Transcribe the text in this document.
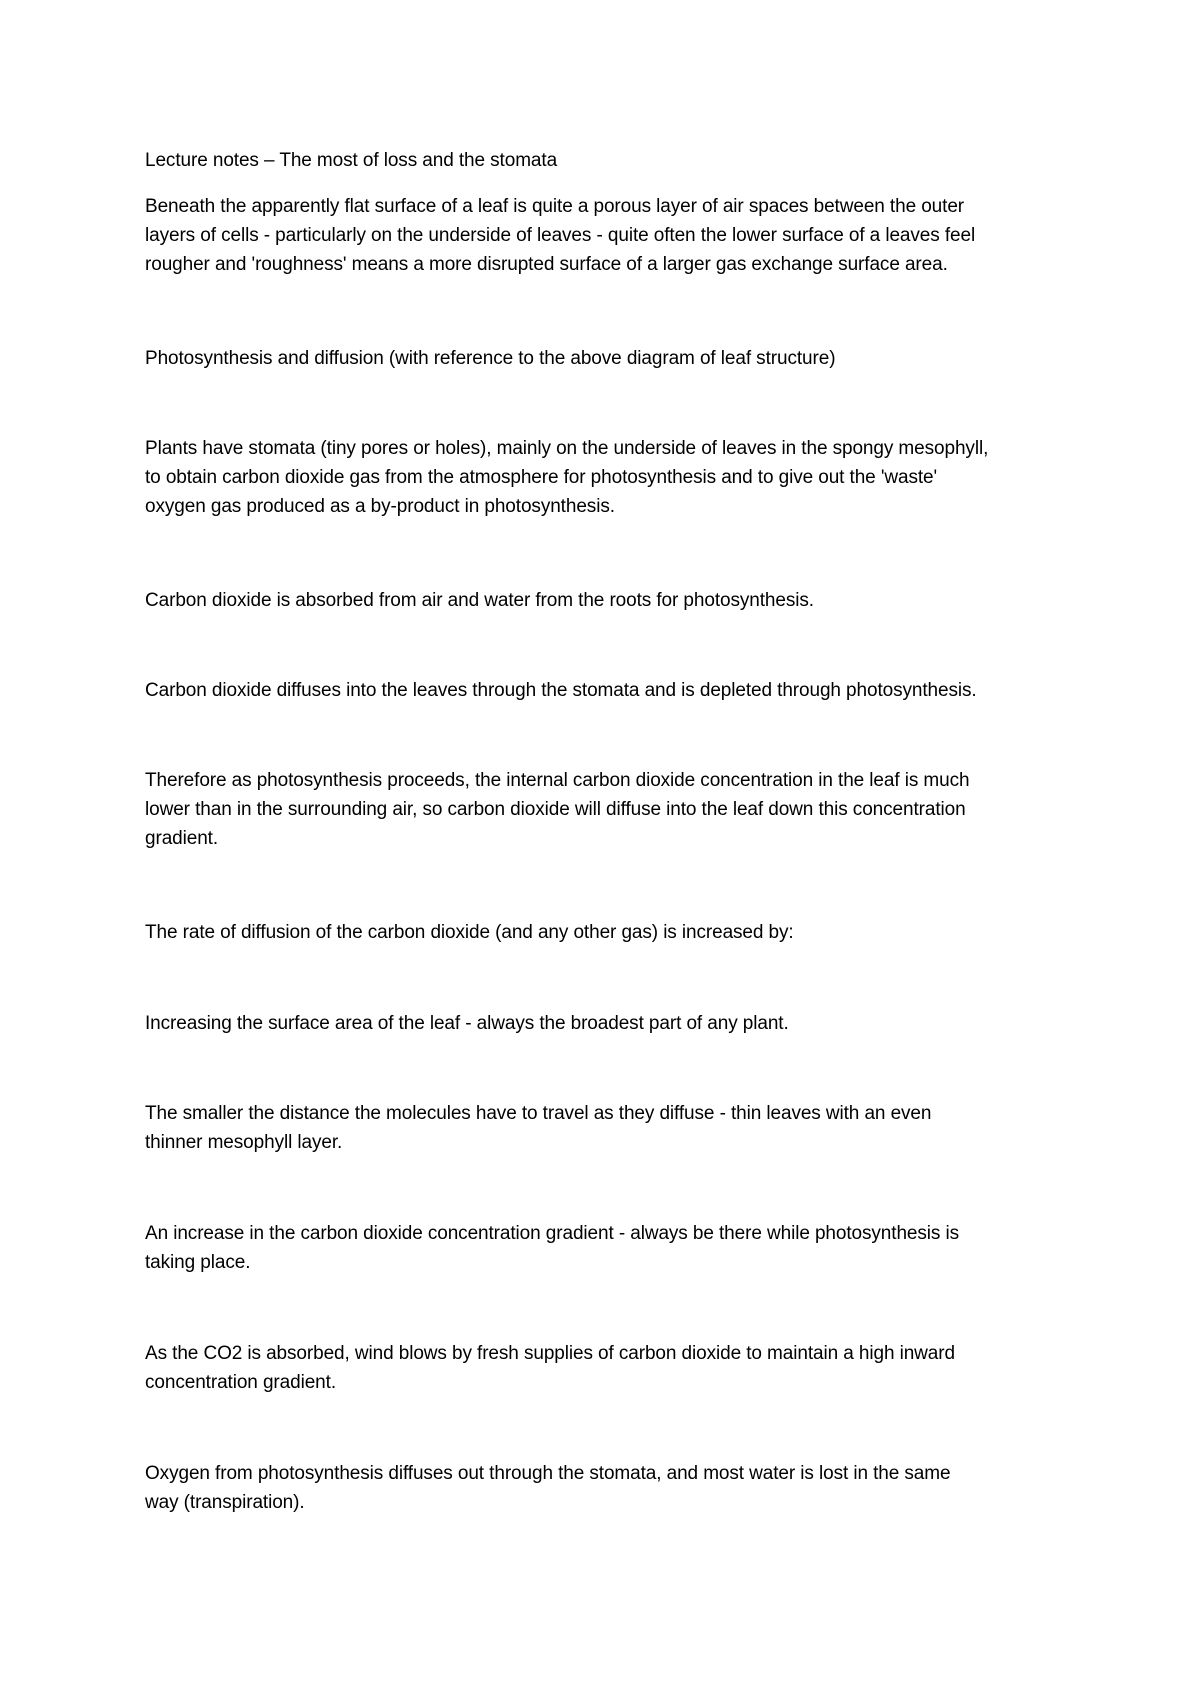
Lecture notes – The most of loss and the stomata
Beneath the apparently flat surface of a leaf is quite a porous layer of air spaces between the outer
layers of cells - particularly on the underside of leaves - quite often the lower surface of a leaves feel
rougher and 'roughness' means a more disrupted surface of a larger gas exchange surface area.
Photosynthesis and diffusion (with reference to the above diagram of leaf structure)
Plants have stomata (tiny pores or holes), mainly on the underside of leaves in the spongy mesophyll,
to obtain carbon dioxide gas from the atmosphere for photosynthesis and to give out the 'waste'
oxygen gas produced as a by-product in photosynthesis.
Carbon dioxide is absorbed from air and water from the roots for photosynthesis.
Carbon dioxide diffuses into the leaves through the stomata and is depleted through photosynthesis.
Therefore as photosynthesis proceeds, the internal carbon dioxide concentration in the leaf is much
lower than in the surrounding air, so carbon dioxide will diffuse into the leaf down this concentration
gradient.
The rate of diffusion of the carbon dioxide (and any other gas) is increased by:
Increasing the surface area of the leaf - always the broadest part of any plant.
The smaller the distance the molecules have to travel as they diffuse - thin leaves with an even
thinner mesophyll layer.
An increase in the carbon dioxide concentration gradient - always be there while photosynthesis is
taking place.
As the CO2 is absorbed, wind blows by fresh supplies of carbon dioxide to maintain a high inward
concentration gradient.
Oxygen from photosynthesis diffuses out through the stomata, and most water is lost in the same
way (transpiration).
